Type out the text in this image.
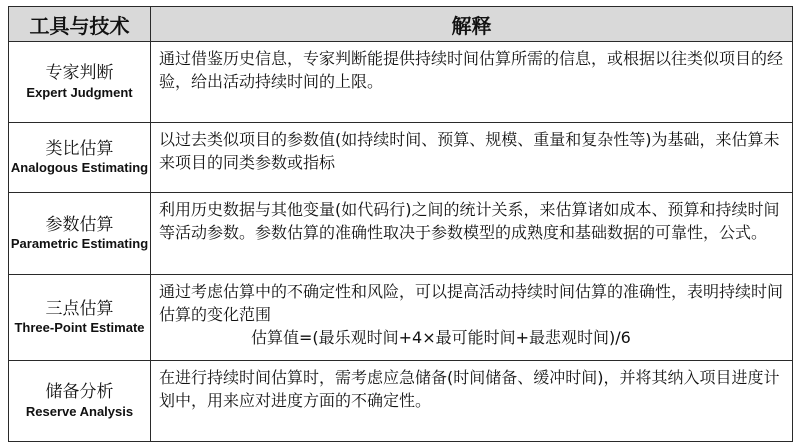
工具与技术	解释

专家判断
Expert Judgment	通过借鉴历史信息，专家判断能提供持续时间估算所需的信息，或根据以往类似项目的经验，给出活动持续时间的上限。

类比估算
Analogous Estimating	以过去类似项目的参数值(如持续时间、预算、规模、重量和复杂性等)为基础，来估算未来项目的同类参数或指标

参数估算
Parametric Estimating	利用历史数据与其他变量(如代码行)之间的统计关系，来估算诸如成本、预算和持续时间等活动参数。参数估算的准确性取决于参数模型的成熟度和基础数据的可靠性，公式。

三点估算
Three-Point Estimate	通过考虑估算中的不确定性和风险，可以提高活动持续时间估算的准确性，表明持续时间估算的变化范围
估算值=(最乐观时间+4×最可能时间+最悲观时间)/6

储备分析
Reserve Analysis	在进行持续时间估算时，需考虑应急储备(时间储备、缓冲时间)，并将其纳入项目进度计划中，用来应对进度方面的不确定性。
